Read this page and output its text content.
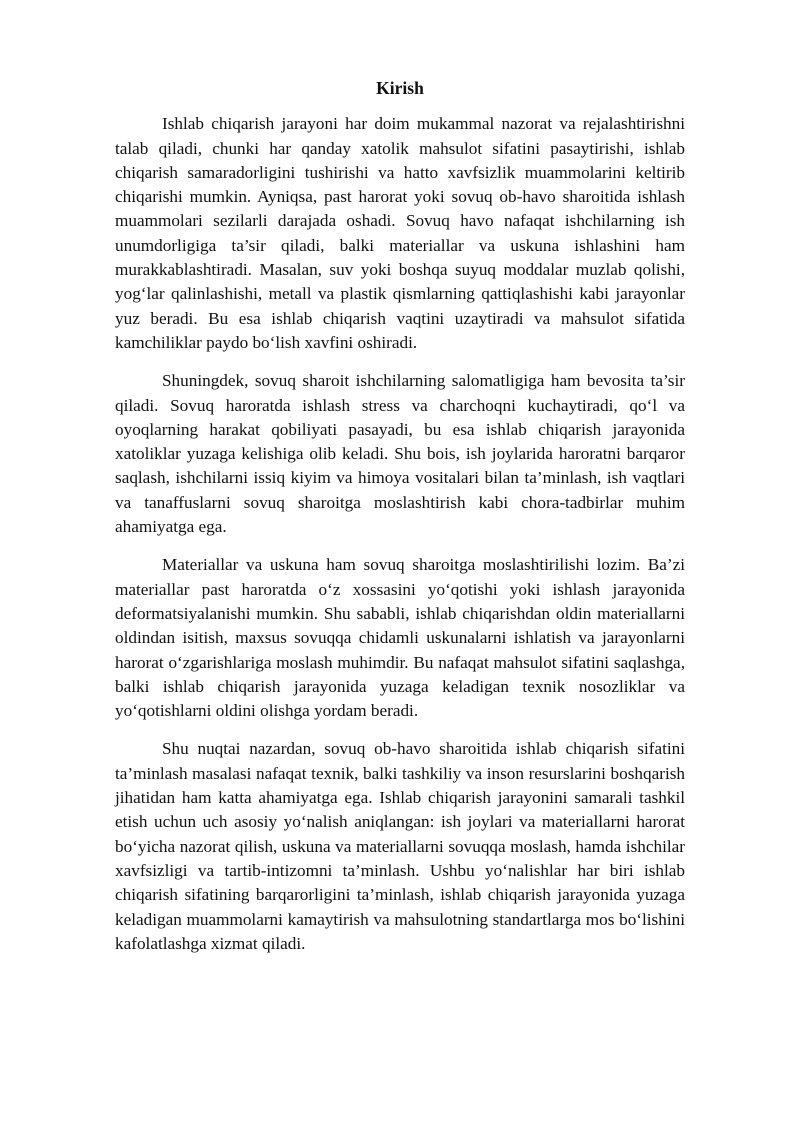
Kirish

Ishlab chiqarish jarayoni har doim mukammal nazorat va rejalashtirishni talab qiladi, chunki har qanday xatolik mahsulot sifatini pasaytirishi, ishlab chiqarish samaradorligini tushirishi va hatto xavfsizlik muammolarini keltirib chiqarishi mumkin. Ayniqsa, past harorat yoki sovuq ob-havo sharoitida ishlash muammolari sezilarli darajada oshadi. Sovuq havo nafaqat ishchilarning ish unumdorligiga ta’sir qiladi, balki materiallar va uskuna ishlashini ham murakkablashtiradi. Masalan, suv yoki boshqa suyuq moddalar muzlab qolishi, yog‘lar qalinlashishi, metall va plastik qismlarning qattiqlashishi kabi jarayonlar yuz beradi. Bu esa ishlab chiqarish vaqtini uzaytiradi va mahsulot sifatida kamchiliklar paydo bo‘lish xavfini oshiradi.

Shuningdek, sovuq sharoit ishchilarning salomatligiga ham bevosita ta’sir qiladi. Sovuq haroratda ishlash stress va charchoqni kuchaytiradi, qo‘l va oyoqlarning harakat qobiliyati pasayadi, bu esa ishlab chiqarish jarayonida xatoliklar yuzaga kelishiga olib keladi. Shu bois, ish joylarida haroratni barqaror saqlash, ishchilarni issiq kiyim va himoya vositalari bilan ta’minlash, ish vaqtlari va tanaffuslarni sovuq sharoitga moslashtirish kabi chora-tadbirlar muhim ahamiyatga ega.

Materiallar va uskuna ham sovuq sharoitga moslashtirilishi lozim. Ba’zi materiallar past haroratda o‘z xossasini yo‘qotishi yoki ishlash jarayonida deformatsiyalanishi mumkin. Shu sababli, ishlab chiqarishdan oldin materiallarni oldindan isitish, maxsus sovuqqa chidamli uskunalarni ishlatish va jarayonlarni harorat o‘zgarishlariga moslash muhimdir. Bu nafaqat mahsulot sifatini saqlashga, balki ishlab chiqarish jarayonida yuzaga keladigan texnik nosozliklar va yo‘qotishlarni oldini olishga yordam beradi.

Shu nuqtai nazardan, sovuq ob-havo sharoitida ishlab chiqarish sifatini ta’minlash masalasi nafaqat texnik, balki tashkiliy va inson resurslarini boshqarish jihatidan ham katta ahamiyatga ega. Ishlab chiqarish jarayonini samarali tashkil etish uchun uch asosiy yo‘nalish aniqlangan: ish joylari va materiallarni harorat bo‘yicha nazorat qilish, uskuna va materiallarni sovuqqa moslash, hamda ishchilar xavfsizligi va tartib-intizomni ta’minlash. Ushbu yo‘nalishlar har biri ishlab chiqarish sifatining barqarorligini ta’minlash, ishlab chiqarish jarayonida yuzaga keladigan muammolarni kamaytirish va mahsulotning standartlarga mos bo‘lishini kafolatlashga xizmat qiladi.
